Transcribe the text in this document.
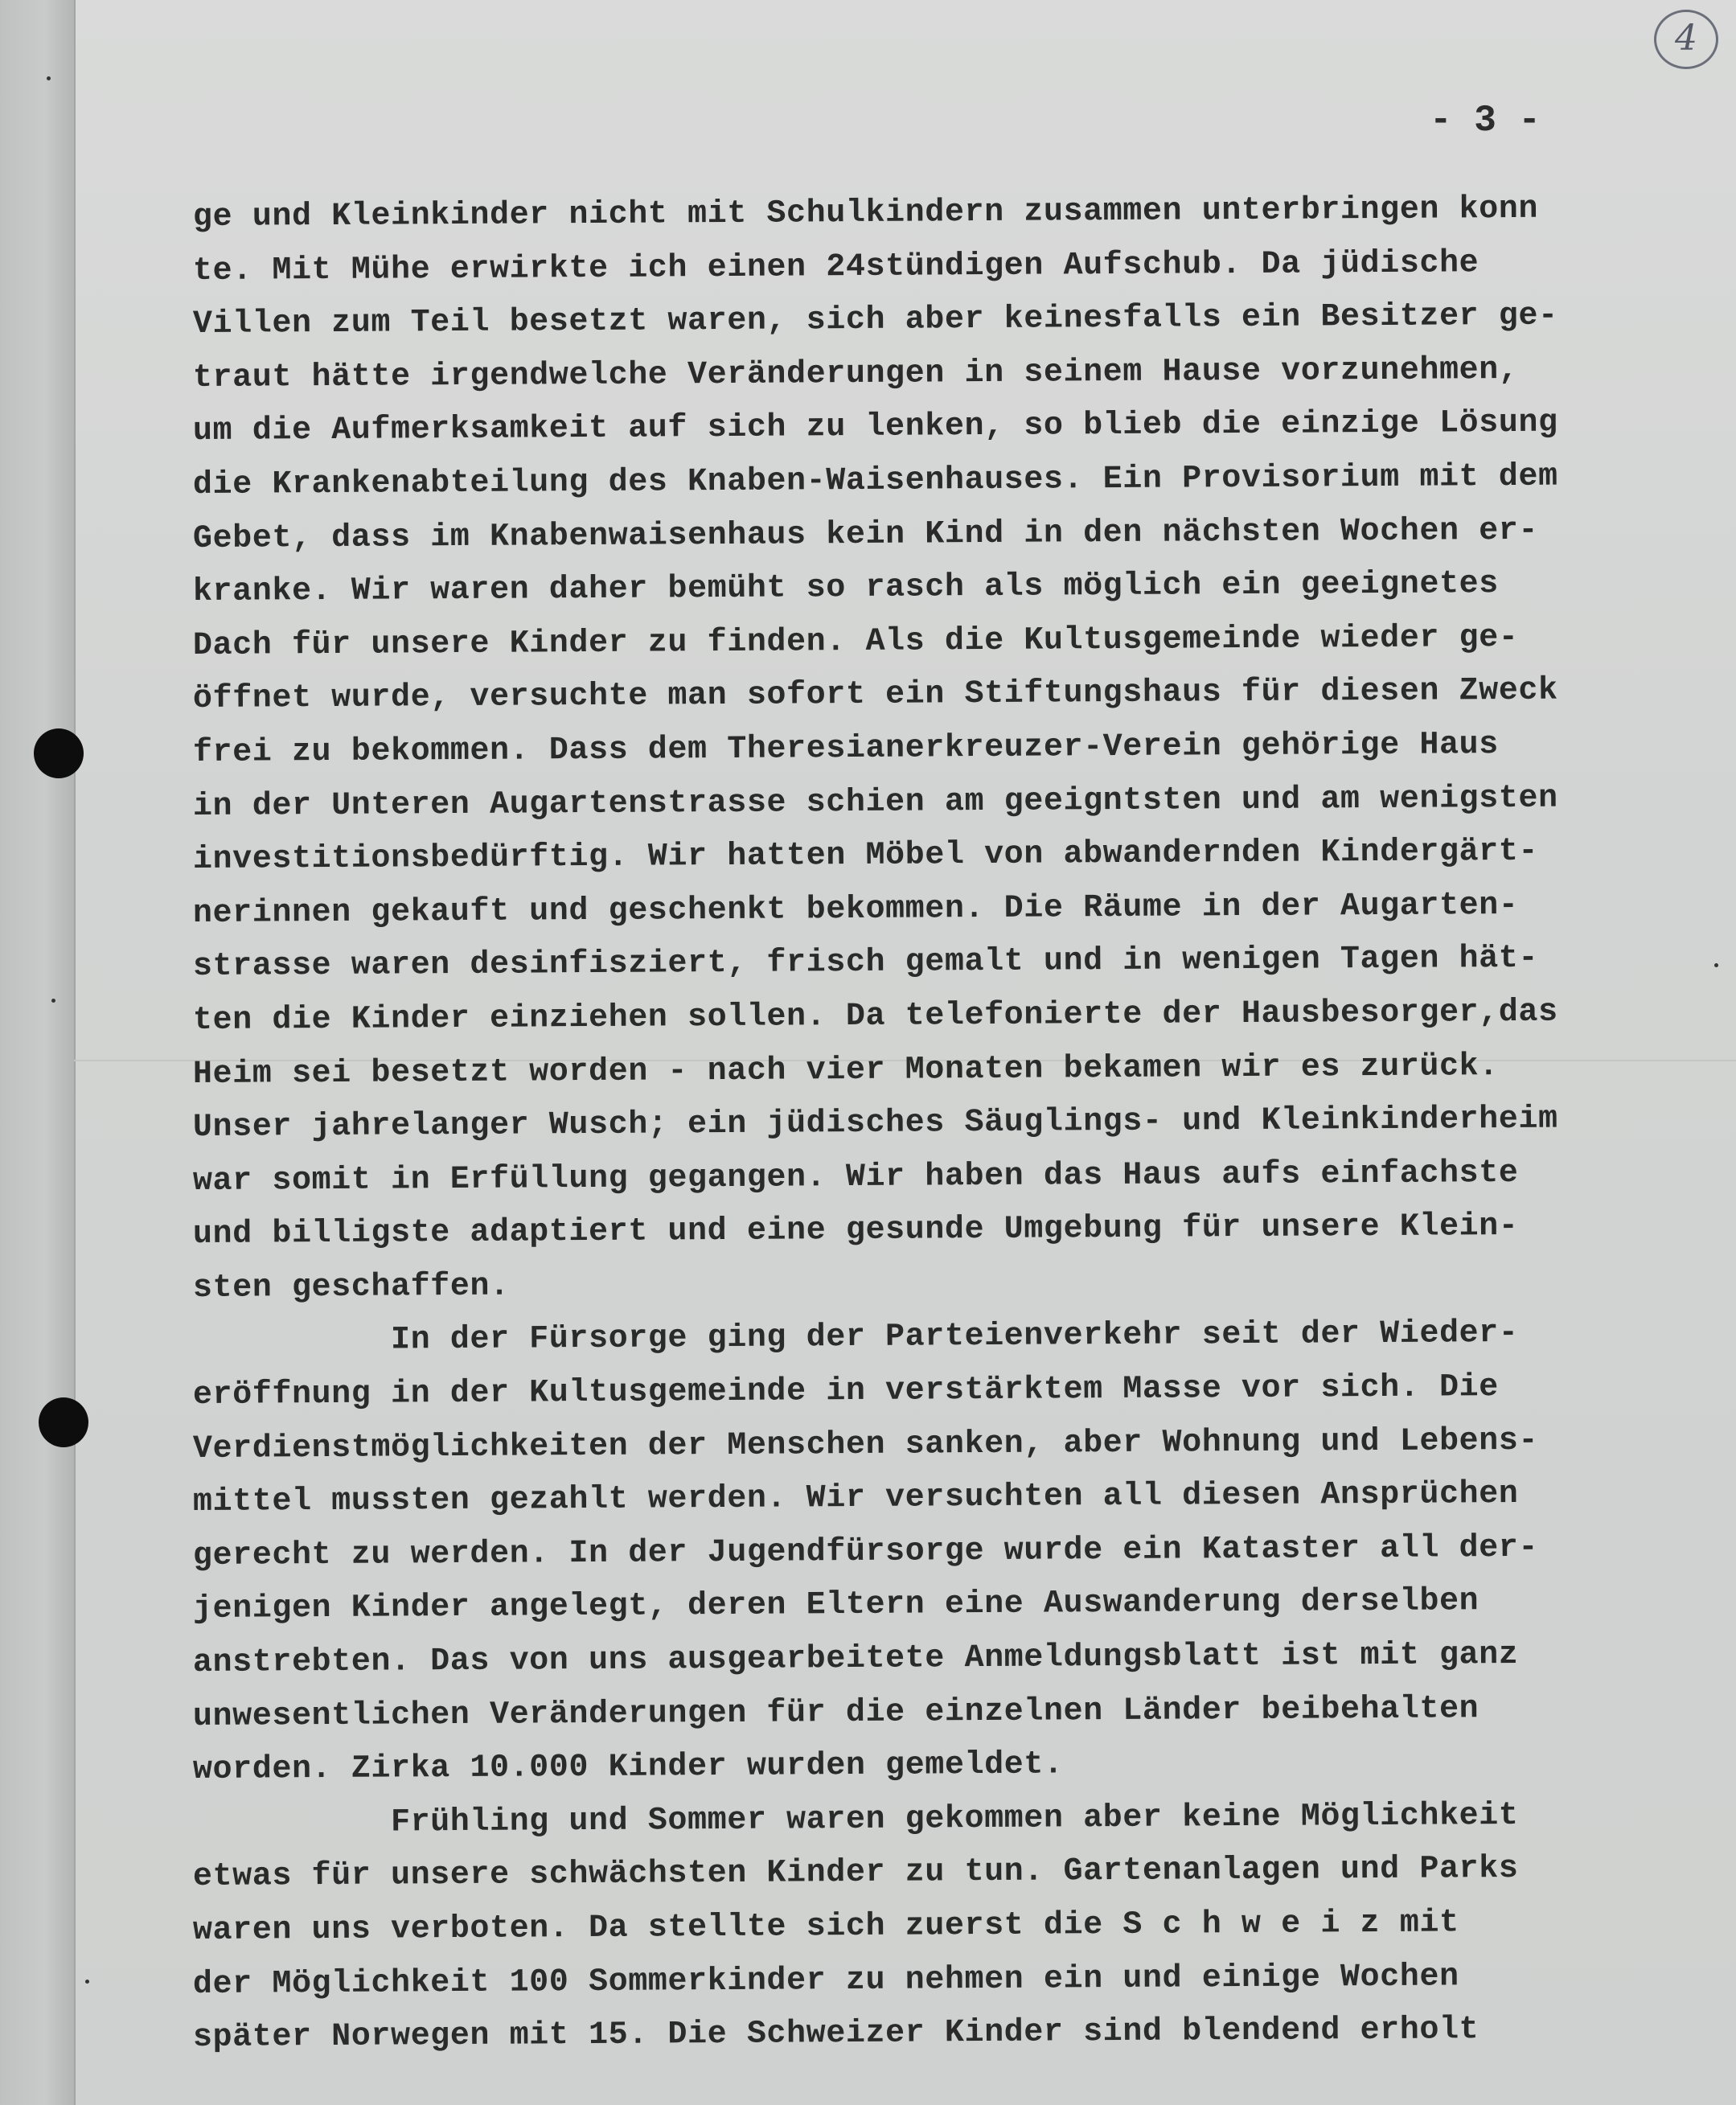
4
- 3 -
ge und Kleinkinder nicht mit Schulkindern zusammen unterbringen konn
te. Mit Mühe erwirkte ich einen 24stündigen Aufschub. Da jüdische
Villen zum Teil besetzt waren, sich aber keinesfalls ein Besitzer ge-
traut hätte irgendwelche Veränderungen in seinem Hause vorzunehmen,
um die Aufmerksamkeit auf sich zu lenken, so blieb die einzige Lösung
die Krankenabteilung des Knaben-Waisenhauses. Ein Provisorium mit dem
Gebet, dass im Knabenwaisenhaus kein Kind in den nächsten Wochen er-
kranke. Wir waren daher bemüht so rasch als möglich ein geeignetes
Dach für unsere Kinder zu finden. Als die Kultusgemeinde wieder ge-
öffnet wurde, versuchte man sofort ein Stiftungshaus für diesen Zweck
frei zu bekommen. Dass dem Theresianerkreuzer-Verein gehörige Haus
in der Unteren Augartenstrasse schien am geeigntsten und am wenigsten
investitionsbedürftig. Wir hatten Möbel von abwandernden Kindergärt-
nerinnen gekauft und geschenkt bekommen. Die Räume in der Augarten-
strasse waren desinfisziert, frisch gemalt und in wenigen Tagen hät-
ten die Kinder einziehen sollen. Da telefonierte der Hausbesorger,das
Heim sei besetzt worden - nach vier Monaten bekamen wir es zurück.
Unser jahrelanger Wusch; ein jüdisches Säuglings- und Kleinkinderheim
war somit in Erfüllung gegangen. Wir haben das Haus aufs einfachste
und billigste adaptiert und eine gesunde Umgebung für unsere Klein-
sten geschaffen.
In der Fürsorge ging der Parteienverkehr seit der Wieder-
eröffnung in der Kultusgemeinde in verstärktem Masse vor sich. Die
Verdienstmöglichkeiten der Menschen sanken, aber Wohnung und Lebens-
mittel mussten gezahlt werden. Wir versuchten all diesen Ansprüchen
gerecht zu werden. In der Jugendfürsorge wurde ein Kataster all der-
jenigen Kinder angelegt, deren Eltern eine Auswanderung derselben
anstrebten. Das von uns ausgearbeitete Anmeldungsblatt ist mit ganz
unwesentlichen Veränderungen für die einzelnen Länder beibehalten
worden. Zirka 10.000 Kinder wurden gemeldet.
Frühling und Sommer waren gekommen aber keine Möglichkeit
etwas für unsere schwächsten Kinder zu tun. Gartenanlagen und Parks
waren uns verboten. Da stellte sich zuerst die S c h w e i z mit
der Möglichkeit 100 Sommerkinder zu nehmen ein und einige Wochen
später Norwegen mit 15. Die Schweizer Kinder sind blendend erholt
